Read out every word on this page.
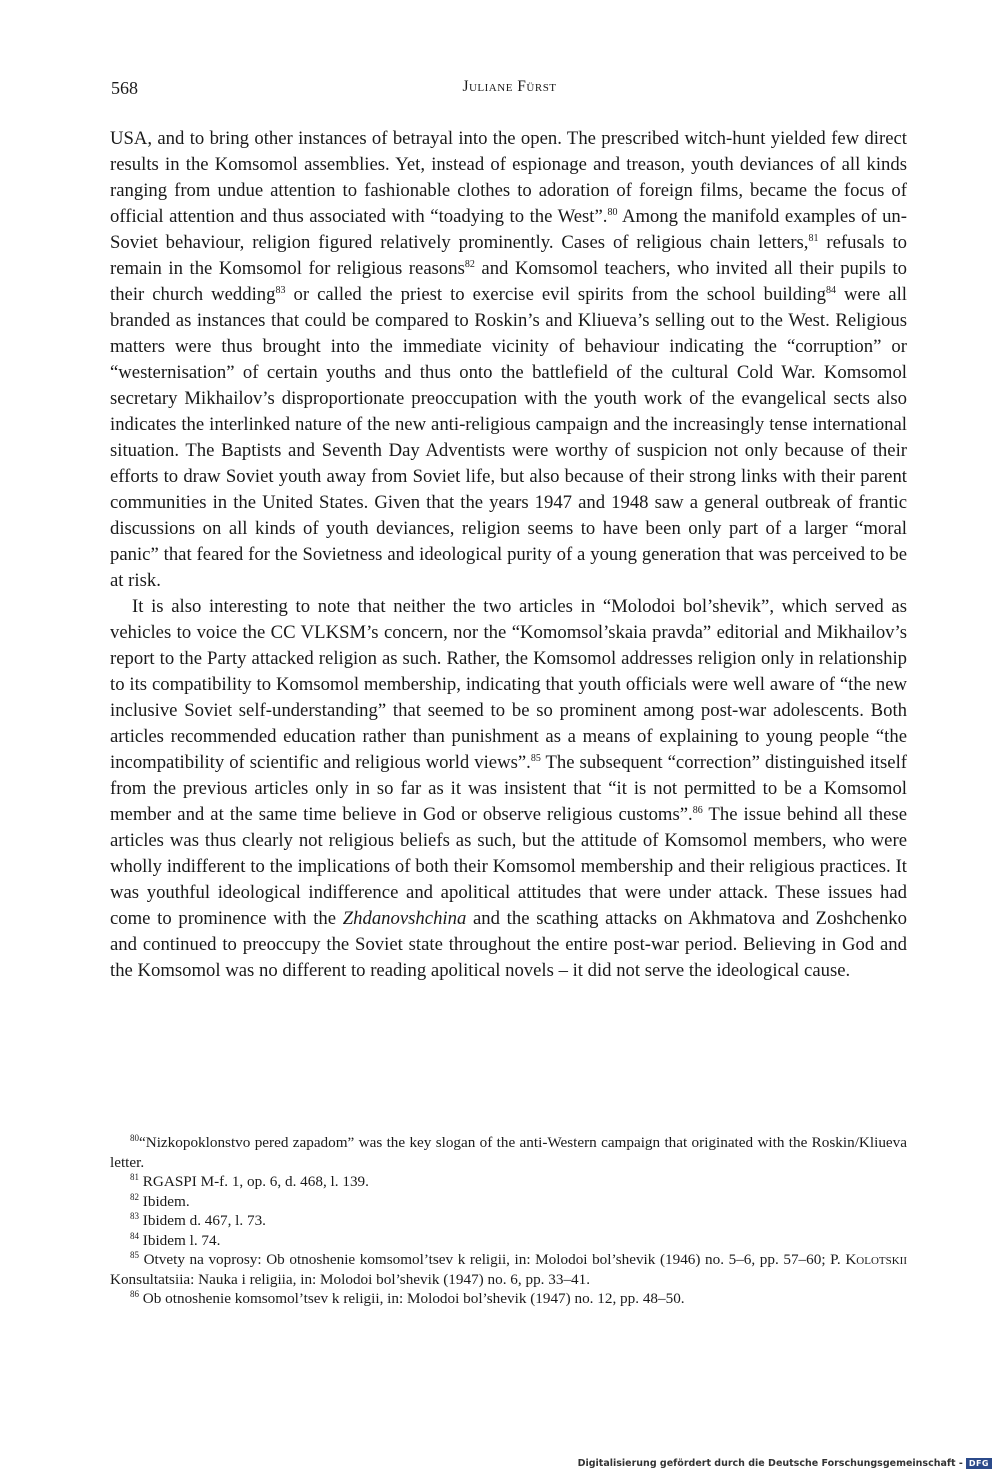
568	Juliane Fürst

USA, and to bring other instances of betrayal into the open. The prescribed witch-hunt yielded few direct results in the Komsomol assemblies. Yet, instead of espionage and treason, youth deviances of all kinds ranging from undue attention to fashionable clothes to adoration of foreign films, became the focus of official attention and thus associated with “toadying to the West”.$^{80}$ Among the manifold examples of un-Soviet behaviour, religion figured relatively prominently. Cases of religious chain letters,$^{81}$ refusals to remain in the Komsomol for religious reasons$^{82}$ and Komsomol teachers, who invited all their pupils to their church wedding$^{83}$ or called the priest to exercise evil spirits from the school building$^{84}$ were all branded as instances that could be compared to Roskin’s and Kliueva’s selling out to the West. Religious matters were thus brought into the immediate vicinity of behaviour indicating the “corruption” or “westernisation” of certain youths and thus onto the battlefield of the cultural Cold War. Komsomol secretary Mikhailov’s disproportionate preoccupation with the youth work of the evangelical sects also indicates the interlinked nature of the new anti-religious campaign and the increasingly tense international situation. The Baptists and Seventh Day Adventists were worthy of suspicion not only because of their efforts to draw Soviet youth away from Soviet life, but also because of their strong links with their parent communities in the United States. Given that the years 1947 and 1948 saw a general outbreak of frantic discussions on all kinds of youth deviances, religion seems to have been only part of a larger “moral panic” that feared for the Sovietness and ideological purity of a young generation that was perceived to be at risk.

It is also interesting to note that neither the two articles in “Molodoi bol’shevik”, which served as vehicles to voice the CC VLKSM’s concern, nor the “Komomsol’skaia pravda” editorial and Mikhailov’s report to the Party attacked religion as such. Rather, the Komsomol addresses religion only in relationship to its compatibility to Komsomol membership, indicating that youth officials were well aware of “the new inclusive Soviet self-understanding” that seemed to be so prominent among post-war adolescents. Both articles recommended education rather than punishment as a means of explaining to young people “the incompatibility of scientific and religious world views”.$^{85}$ The subsequent “correction” distinguished itself from the previous articles only in so far as it was insistent that “it is not permitted to be a Komsomol member and at the same time believe in God or observe religious customs”.$^{86}$ The issue behind all these articles was thus clearly not religious beliefs as such, but the attitude of Komsomol members, who were wholly indifferent to the implications of both their Komsomol membership and their religious practices. It was youthful ideological indifference and apolitical attitudes that were under attack. These issues had come to prominence with the Zhdanovshchina and the scathing attacks on Akhmatova and Zoshchenko and continued to preoccupy the Soviet state throughout the entire post-war period. Believing in God and the Komsomol was no different to reading apolitical novels – it did not serve the ideological cause.

$^{80}$“Nizkopoklonstvo pered zapadom” was the key slogan of the anti-Western campaign that originated with the Roskin/Kliueva letter.

$^{81}$ RGASPI M-f. 1, op. 6, d. 468, l. 139.

$^{82}$ Ibidem.

$^{83}$ Ibidem d. 467, l. 73.

$^{84}$ Ibidem l. 74.

$^{85}$ Otvety na voprosy: Ob otnoshenie komsomol’tsev k religii, in: Molodoi bol’shevik (1946) no. 5–6, pp. 57–60; P. Kolotskii Konsultatsiia: Nauka i religiia, in: Molodoi bol’shevik (1947) no. 6, pp. 33–41.

$^{86}$ Ob otnoshenie komsomol’tsev k religii, in: Molodoi bol’shevik (1947) no. 12, pp. 48–50.

Digitalisierung gefördert durch die Deutsche Forschungsgemeinschaft - DFG
